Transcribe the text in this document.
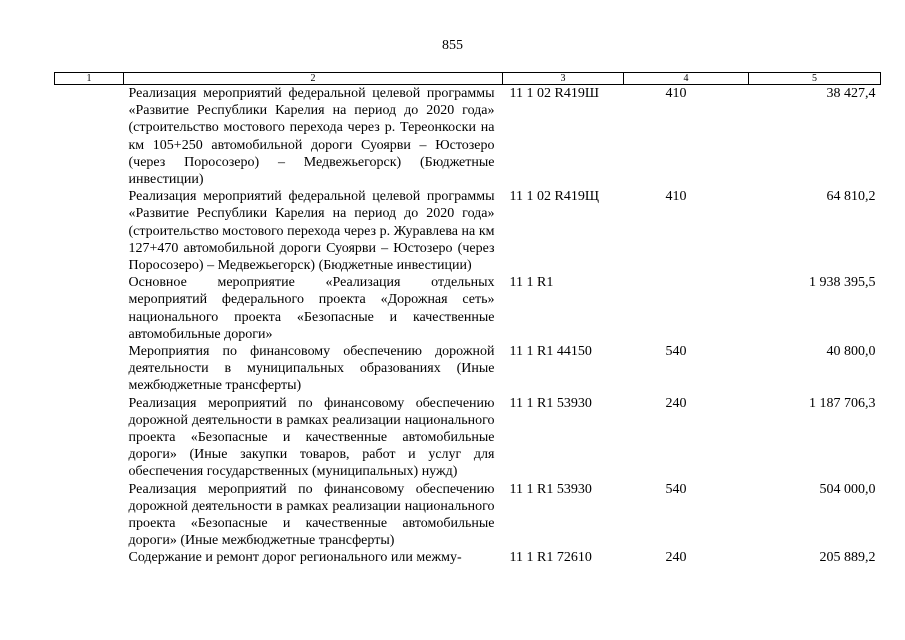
855
1	2	3	4	5
	Реализация мероприятий федеральной целевой программы «Развитие Республики Карелия на период до 2020 года» (строительство мостового перехода через р. Тереонкоски на км 105+250 автомобильной дороги Суоярви – Юстозеро (через Поросозеро) – Медвежьегорск) (Бюджетные инвестиции)	11 1 02 R419Ш	410	38 427,4
	Реализация мероприятий федеральной целевой программы «Развитие Республики Карелия на период до 2020 года» (строительство мостового перехода через р. Журавлева на км 127+470 автомобильной дороги Суоярви – Юстозеро (через Поросозеро) – Медвежьегорск) (Бюджетные инвестиции)	11 1 02 R419Щ	410	64 810,2
	Основное мероприятие «Реализация отдельных мероприятий федерального проекта «Дорожная сеть» национального проекта «Безопасные и качественные автомобильные дороги»	11 1 R1		1 938 395,5
	Мероприятия по финансовому обеспечению дорожной деятельности в муниципальных образованиях (Иные межбюджетные трансферты)	11 1 R1 44150	540	40 800,0
	Реализация мероприятий по финансовому обеспечению дорожной деятельности в рамках реализации национального проекта «Безопасные и качественные автомобильные дороги» (Иные закупки товаров, работ и услуг для обеспечения государственных (муниципальных) нужд)	11 1 R1 53930	240	1 187 706,3
	Реализация мероприятий по финансовому обеспечению дорожной деятельности в рамках реализации национального проекта «Безопасные и качественные автомобильные дороги» (Иные межбюджетные трансферты)	11 1 R1 53930	540	504 000,0
	Содержание и ремонт дорог регионального или межму-	11 1 R1 72610	240	205 889,2
